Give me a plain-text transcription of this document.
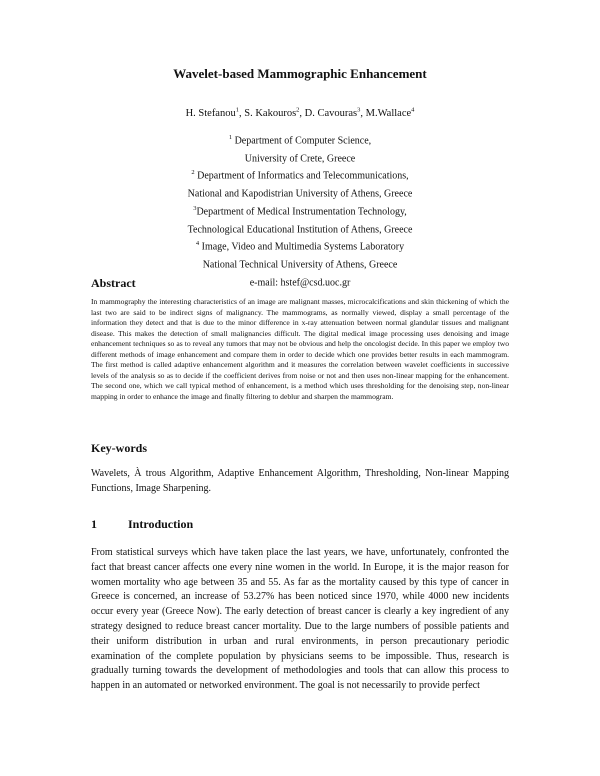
Wavelet-based Mammographic Enhancement
H. Stefanou$^1$, S. Kakouros$^2$, D. Cavouras$^3$, M.Wallace$^4$
$^1$ Department of Computer Science,
University of Crete, Greece
$^2$ Department of Informatics and Telecommunications,
National and Kapodistrian University of Athens, Greece
$^3$Department of Medical Instrumentation Technology,
Technological Educational Institution of Athens, Greece
$^4$ Image, Video and Multimedia Systems Laboratory
National Technical University of Athens, Greece
e-mail: hstef@csd.uoc.gr
Abstract
In mammography the interesting characteristics of an image are malignant masses, microcalcifications and skin thickening of which the last two are said to be indirect signs of malignancy. The mammograms, as normally viewed, display a small percentage of the information they detect and that is due to the minor difference in x-ray attenuation between normal glandular tissues and malignant disease. This makes the detection of small malignancies difficult. The digital medical image processing uses denoising and image enhancement techniques so as to reveal any tumors that may not be obvious and help the oncologist decide. In this paper we employ two different methods of image enhancement and compare them in order to decide which one provides better results in each mammogram. The first method is called adaptive enhancement algorithm and it measures the correlation between wavelet coefficients in successive levels of the analysis so as to decide if the coefficient derives from noise or not and then uses non-linear mapping for the enhancement. The second one, which we call typical method of enhancement, is a method which uses thresholding for the denoising step, non-linear mapping in order to enhance the image and finally filtering to deblur and sharpen the mammogram.
Key-words
Wavelets, À trous Algorithm, Adaptive Enhancement Algorithm, Thresholding, Non-linear Mapping Functions, Image Sharpening.
1	Introduction
From statistical surveys which have taken place the last years, we have, unfortunately, confronted the fact that breast cancer affects one every nine women in the world. In Europe, it is the major reason for women mortality who age between 35 and 55. As far as the mortality caused by this type of cancer in Greece is concerned, an increase of 53.27% has been noticed since 1970, while 4000 new incidents occur every year (Greece Now). The early detection of breast cancer is clearly a key ingredient of any strategy designed to reduce breast cancer mortality. Due to the large numbers of possible patients and their uniform distribution in urban and rural environments, in person precautionary periodic examination of the complete population by physicians seems to be impossible. Thus, research is gradually turning towards the development of methodologies and tools that can allow this process to happen in an automated or networked environment. The goal is not necessarily to provide perfect
